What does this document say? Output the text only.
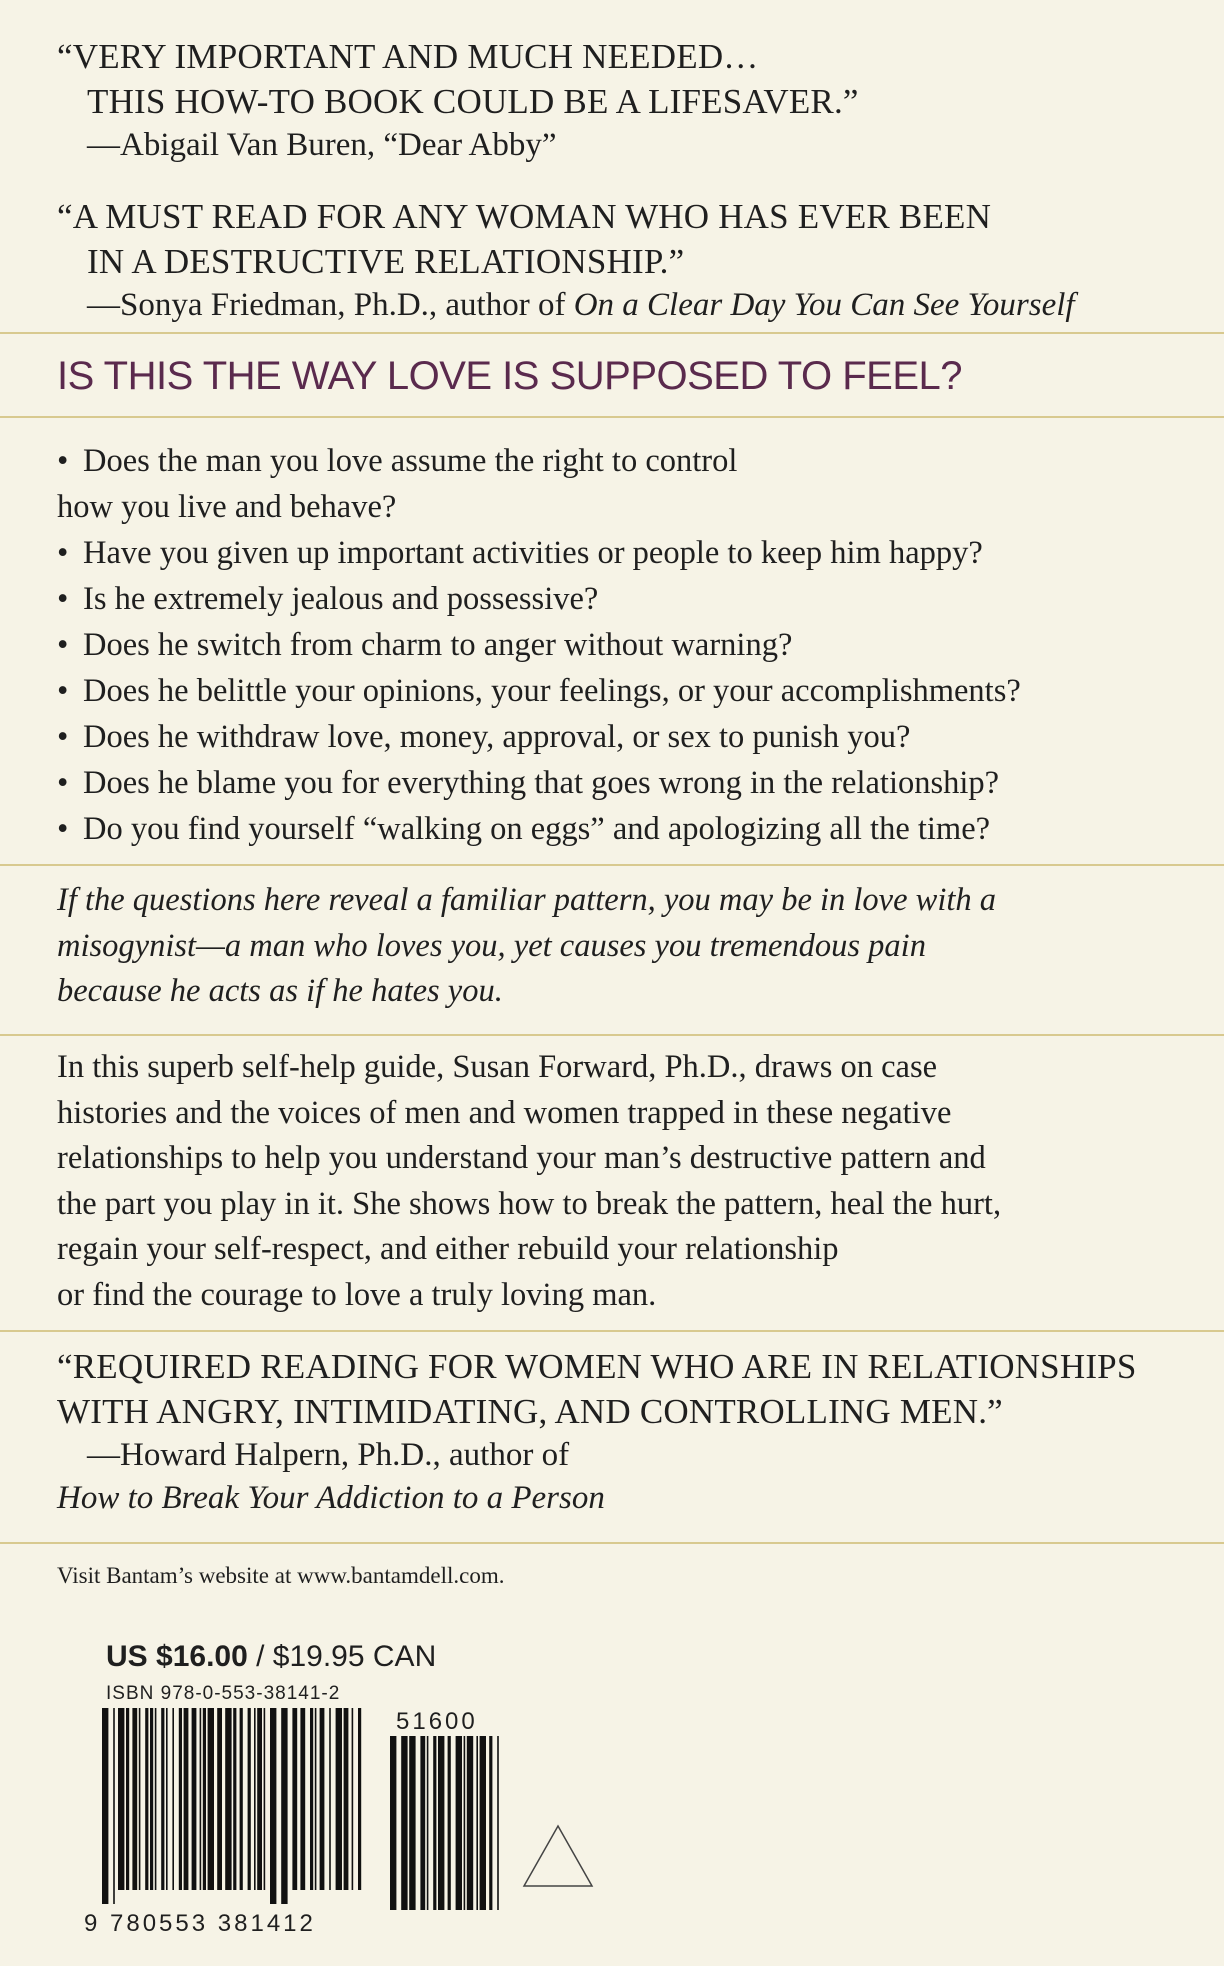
“VERY IMPORTANT AND MUCH NEEDED…
THIS HOW-TO BOOK COULD BE A LIFESAVER.”
—Abigail Van Buren, “Dear Abby”
“A MUST READ FOR ANY WOMAN WHO HAS EVER BEEN
IN A DESTRUCTIVE RELATIONSHIP.”
—Sonya Friedman, Ph.D., author of On a Clear Day You Can See Yourself
IS THIS THE WAY LOVE IS SUPPOSED TO FEEL?
• Does the man you love assume the right to control
how you live and behave?
• Have you given up important activities or people to keep him happy?
• Is he extremely jealous and possessive?
• Does he switch from charm to anger without warning?
• Does he belittle your opinions, your feelings, or your accomplishments?
• Does he withdraw love, money, approval, or sex to punish you?
• Does he blame you for everything that goes wrong in the relationship?
• Do you find yourself “walking on eggs” and apologizing all the time?
If the questions here reveal a familiar pattern, you may be in love with a
misogynist—a man who loves you, yet causes you tremendous pain
because he acts as if he hates you.
In this superb self-help guide, Susan Forward, Ph.D., draws on case
histories and the voices of men and women trapped in these negative
relationships to help you understand your man’s destructive pattern and
the part you play in it. She shows how to break the pattern, heal the hurt,
regain your self-respect, and either rebuild your relationship
or find the courage to love a truly loving man.
“REQUIRED READING FOR WOMEN WHO ARE IN RELATIONSHIPS
WITH ANGRY, INTIMIDATING, AND CONTROLLING MEN.”
—Howard Halpern, Ph.D., author of
How to Break Your Addiction to a Person
Visit Bantam’s website at www.bantamdell.com.
US $16.00 / $19.95 CAN
ISBN 978-0-553-38141-2
9 780553 381412
51600
